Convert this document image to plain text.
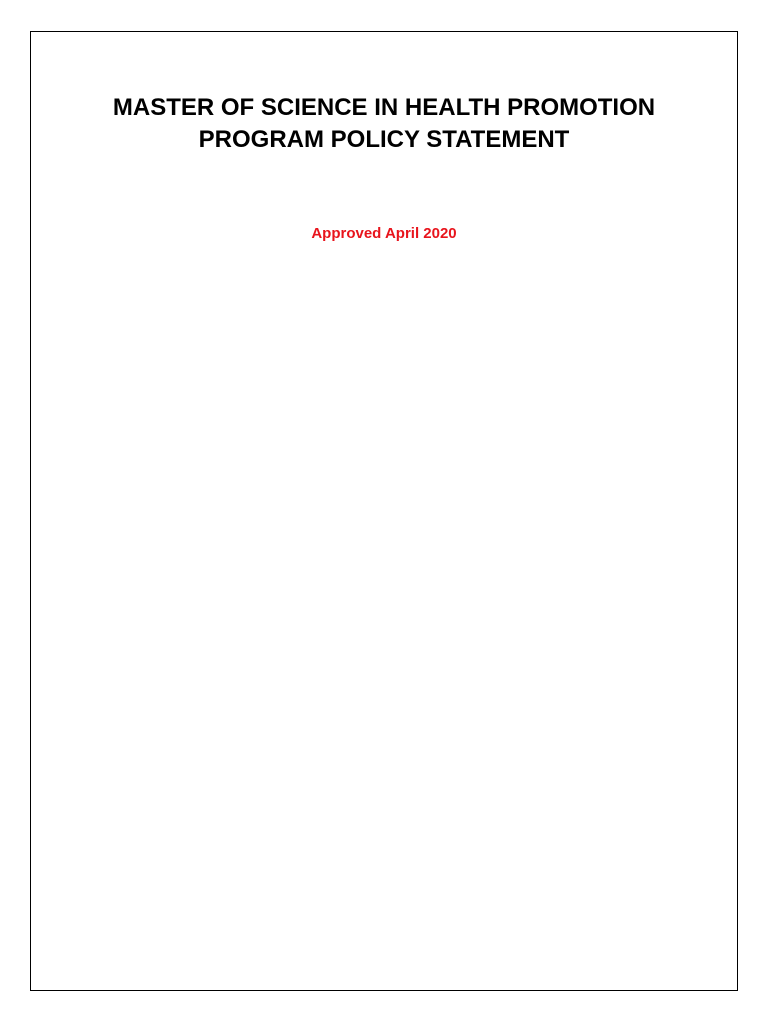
MASTER OF SCIENCE IN HEALTH PROMOTION
PROGRAM POLICY STATEMENT

Approved April 2020
